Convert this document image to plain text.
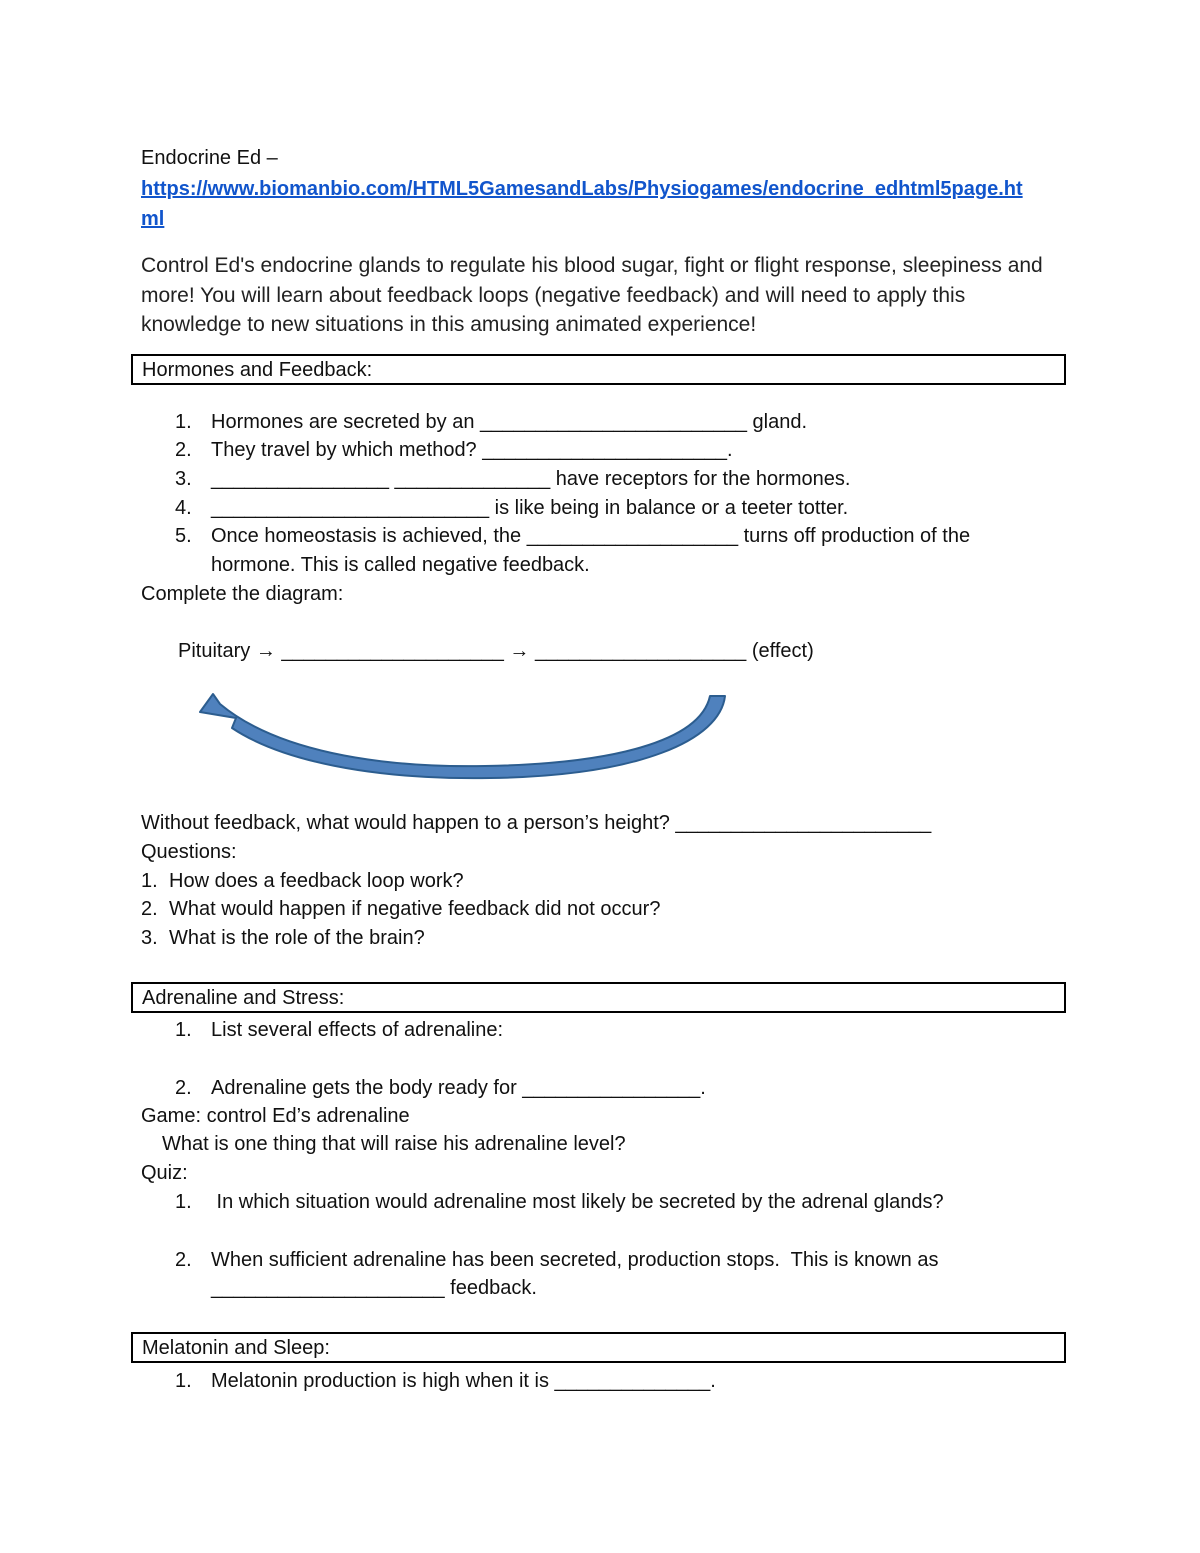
Endocrine Ed –
https://www.biomanbio.com/HTML5GamesandLabs/Physiogames/endocrine_edhtml5page.ht
ml
Control Ed's endocrine glands to regulate his blood sugar, fight or flight response, sleepiness and more! You will learn about feedback loops (negative feedback) and will need to apply this knowledge to new situations in this amusing animated experience!
Hormones and Feedback:
1. Hormones are secreted by an ________________________ gland.
2. They travel by which method? ______________________.
3. ________________ ______________ have receptors for the hormones.
4. _________________________ is like being in balance or a teeter totter.
5. Once homeostasis is achieved, the ___________________ turns off production of the
hormone. This is called negative feedback.
Complete the diagram:
Pituitary → ____________________ → ___________________ (effect)
Without feedback, what would happen to a person’s height? _______________________
Questions:
1. How does a feedback loop work?
2. What would happen if negative feedback did not occur?
3. What is the role of the brain?
Adrenaline and Stress:
1. List several effects of adrenaline:
2. Adrenaline gets the body ready for ________________.
Game: control Ed’s adrenaline
What is one thing that will raise his adrenaline level?
Quiz:
1. In which situation would adrenaline most likely be secreted by the adrenal glands?
2. When sufficient adrenaline has been secreted, production stops.  This is known as
_____________________ feedback.
Melatonin and Sleep:
1. Melatonin production is high when it is ______________.
